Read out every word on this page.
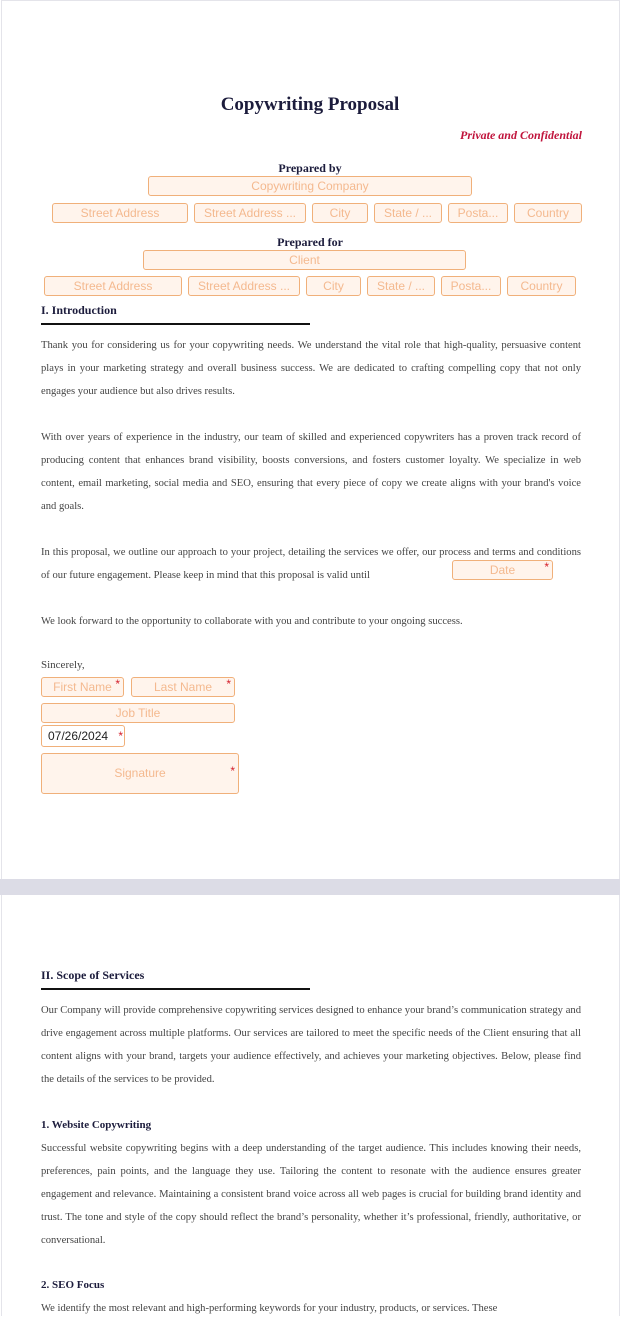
Copywriting Proposal
Private and Confidential
Prepared by
Copywriting Company
Street Address	Street Address ...	City	State / ...	Posta...	Country
Prepared for
Client
Street Address	Street Address ...	City	State / ...	Posta...	Country
I. Introduction

Thank you for considering us for your copywriting needs. We understand the vital role that high-quality, persuasive content plays in your marketing strategy and overall business success. We are dedicated to crafting compelling copy that not only engages your audience but also drives results.

With over years of experience in the industry, our team of skilled and experienced copywriters has a proven track record of producing content that enhances brand visibility, boosts conversions, and fosters customer loyalty. We specialize in web content, email marketing, social media and SEO, ensuring that every piece of copy we create aligns with your brand's voice and goals.

In this proposal, we outline our approach to your project, detailing the services we offer, our process and terms and conditions of our future engagement. Please keep in mind that this proposal is valid until	Date *

We look forward to the opportunity to collaborate with you and contribute to your ongoing success.

Sincerely,
First Name *	Last Name *
Job Title
07/26/2024 *
Signature	*
II. Scope of Services

Our Company will provide comprehensive copywriting services designed to enhance your brand’s communication strategy and drive engagement across multiple platforms. Our services are tailored to meet the specific needs of the Client ensuring that all content aligns with your brand, targets your audience effectively, and achieves your marketing objectives. Below, please find the details of the services to be provided.

1. Website Copywriting

Successful website copywriting begins with a deep understanding of the target audience. This includes knowing their needs, preferences, pain points, and the language they use. Tailoring the content to resonate with the audience ensures greater engagement and relevance. Maintaining a consistent brand voice across all web pages is crucial for building brand identity and trust. The tone and style of the copy should reflect the brand’s personality, whether it’s professional, friendly, authoritative, or conversational.

2. SEO Focus

We identify the most relevant and high-performing keywords for your industry, products, or services. These
